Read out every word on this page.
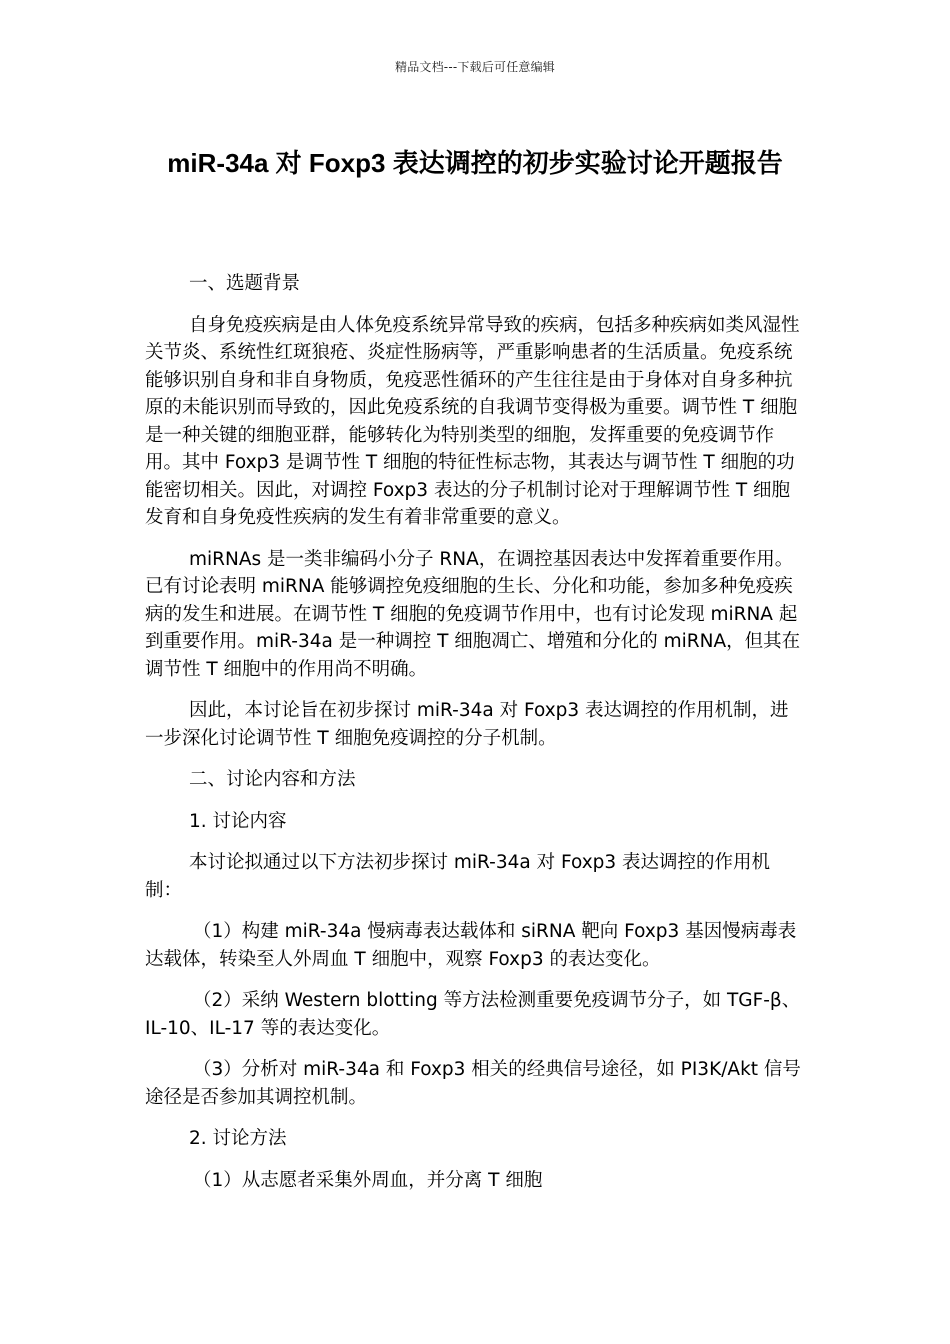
精品文档---下载后可任意编辑
miR-34a 对 Foxp3 表达调控的初步实验讨论开题报告

一、选题背景

自身免疫疾病是由人体免疫系统异常导致的疾病，包括多种疾病如类风湿性关节炎、系统性红斑狼疮、炎症性肠病等，严重影响患者的生活质量。免疫系统能够识别自身和非自身物质，免疫恶性循环的产生往往是由于身体对自身多种抗原的未能识别而导致的，因此免疫系统的自我调节变得极为重要。调节性 T 细胞是一种关键的细胞亚群，能够转化为特别类型的细胞，发挥重要的免疫调节作用。其中 Foxp3 是调节性 T 细胞的特征性标志物，其表达与调节性 T 细胞的功能密切相关。因此，对调控 Foxp3 表达的分子机制讨论对于理解调节性 T 细胞发育和自身免疫性疾病的发生有着非常重要的意义。

miRNAs 是一类非编码小分子 RNA，在调控基因表达中发挥着重要作用。已有讨论表明 miRNA 能够调控免疫细胞的生长、分化和功能，参加多种免疫疾病的发生和进展。在调节性 T 细胞的免疫调节作用中，也有讨论发现 miRNA 起到重要作用。miR-34a 是一种调控 T 细胞凋亡、增殖和分化的 miRNA，但其在调节性 T 细胞中的作用尚不明确。

因此，本讨论旨在初步探讨 miR-34a 对 Foxp3 表达调控的作用机制，进一步深化讨论调节性 T 细胞免疫调控的分子机制。

二、讨论内容和方法

1. 讨论内容

本讨论拟通过以下方法初步探讨 miR-34a 对 Foxp3 表达调控的作用机制：

（1）构建 miR-34a 慢病毒表达载体和 siRNA 靶向 Foxp3 基因慢病毒表达载体，转染至人外周血 T 细胞中，观察 Foxp3 的表达变化。

（2）采纳 Western blotting 等方法检测重要免疫调节分子，如 TGF-β、IL-10、IL-17 等的表达变化。

（3）分析对 miR-34a 和 Foxp3 相关的经典信号途径，如 PI3K/Akt 信号途径是否参加其调控机制。

2. 讨论方法

（1）从志愿者采集外周血，并分离 T 细胞
